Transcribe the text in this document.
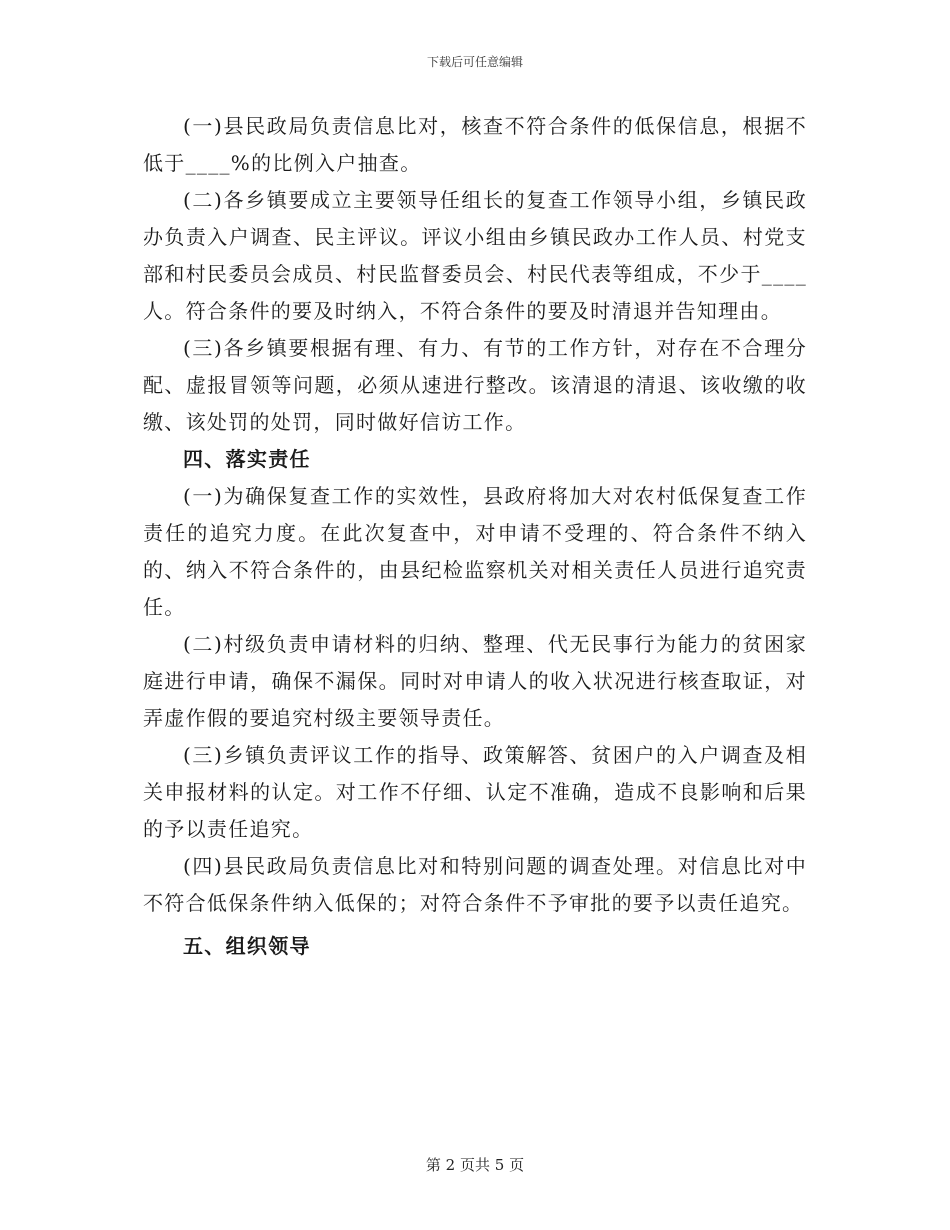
下载后可任意编辑

(一)县民政局负责信息比对，核查不符合条件的低保信息，根据不低于____%的比例入户抽查。

(二)各乡镇要成立主要领导任组长的复查工作领导小组，乡镇民政办负责入户调查、民主评议。评议小组由乡镇民政办工作人员、村党支部和村民委员会成员、村民监督委员会、村民代表等组成，不少于____人。符合条件的要及时纳入，不符合条件的要及时清退并告知理由。

(三)各乡镇要根据有理、有力、有节的工作方针，对存在不合理分配、虚报冒领等问题，必须从速进行整改。该清退的清退、该收缴的收缴、该处罚的处罚，同时做好信访工作。

四、落实责任

(一)为确保复查工作的实效性，县政府将加大对农村低保复查工作责任的追究力度。在此次复查中，对申请不受理的、符合条件不纳入的、纳入不符合条件的，由县纪检监察机关对相关责任人员进行追究责任。

(二)村级负责申请材料的归纳、整理、代无民事行为能力的贫困家庭进行申请，确保不漏保。同时对申请人的收入状况进行核查取证，对弄虚作假的要追究村级主要领导责任。

(三)乡镇负责评议工作的指导、政策解答、贫困户的入户调查及相关申报材料的认定。对工作不仔细、认定不准确，造成不良影响和后果的予以责任追究。

(四)县民政局负责信息比对和特别问题的调查处理。对信息比对中不符合低保条件纳入低保的；对符合条件不予审批的要予以责任追究。

五、组织领导

第 2 页共 5 页
